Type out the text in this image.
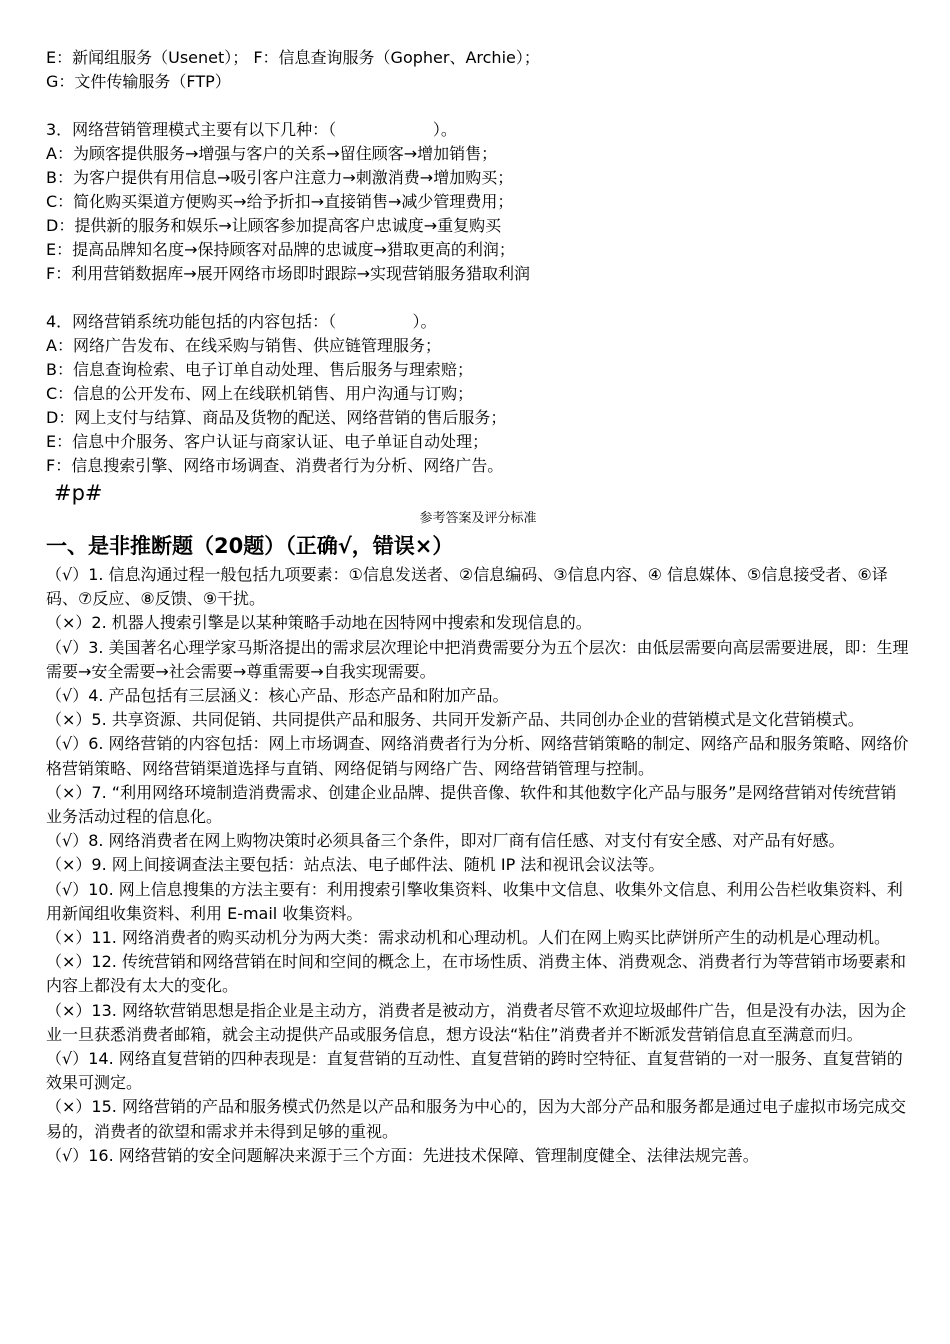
E：新闻组服务（Usenet）； F：信息查询服务（Gopher、Archie）；
G：文件传输服务（FTP）
3．网络营销管理模式主要有以下几种：（                   ）。
A：为顾客提供服务→增强与客户的关系→留住顾客→增加销售；
B：为客户提供有用信息→吸引客户注意力→刺激消费→增加购买；
C：简化购买渠道方便购买→给予折扣→直接销售→减少管理费用；
D：提供新的服务和娱乐→让顾客参加提高客户忠诚度→重复购买
E：提高品牌知名度→保持顾客对品牌的忠诚度→猎取更高的利润；
F：利用营销数据库→展开网络市场即时跟踪→实现营销服务猎取利润
4．网络营销系统功能包括的内容包括：（               ）。
A：网络广告发布、在线采购与销售、供应链管理服务；
B：信息查询检索、电子订单自动处理、售后服务与理索赔；
C：信息的公开发布、网上在线联机销售、用户沟通与订购；
D：网上支付与结算、商品及货物的配送、网络营销的售后服务；
E：信息中介服务、客户认证与商家认证、电子单证自动处理；
F：信息搜索引擎、网络市场调查、消费者行为分析、网络广告。
#p#
参考答案及评分标准
一、是非推断题（20题）（正确√，错误×）

（√）1. 信息沟通过程一般包括九项要素：①信息发送者、②信息编码、③信息内容、④ 信息媒体、⑤信息接受者、⑥译码、⑦反应、⑧反馈、⑨干扰。

（×）2. 机器人搜索引擎是以某种策略手动地在因特网中搜索和发现信息的。

（√）3. 美国著名心理学家马斯洛提出的需求层次理论中把消费需要分为五个层次：由低层需要向高层需要进展，即：生理需要→安全需要→社会需要→尊重需要→自我实现需要。

（√）4. 产品包括有三层涵义：核心产品、形态产品和附加产品。

（×）5. 共享资源、共同促销、共同提供产品和服务、共同开发新产品、共同创办企业的营销模式是文化营销模式。

（√）6. 网络营销的内容包括：网上市场调查、网络消费者行为分析、网络营销策略的制定、网络产品和服务策略、网络价格营销策略、网络营销渠道选择与直销、网络促销与网络广告、网络营销管理与控制。

（×）7. “利用网络环境制造消费需求、创建企业品牌、提供音像、软件和其他数字化产品与服务”是网络营销对传统营销业务活动过程的信息化。

（√）8. 网络消费者在网上购物决策时必须具备三个条件，即对厂商有信任感、对支付有安全感、对产品有好感。

（×）9. 网上间接调查法主要包括：站点法、电子邮件法、随机 IP 法和视讯会议法等。

（√）10. 网上信息搜集的方法主要有：利用搜索引擎收集资料、收集中文信息、收集外文信息、利用公告栏收集资料、利用新闻组收集资料、利用 E-mail 收集资料。

（×）11. 网络消费者的购买动机分为两大类：需求动机和心理动机。人们在网上购买比萨饼所产生的动机是心理动机。

（×）12. 传统营销和网络营销在时间和空间的概念上，在市场性质、消费主体、消费观念、消费者行为等营销市场要素和内容上都没有太大的变化。

（×）13. 网络软营销思想是指企业是主动方，消费者是被动方，消费者尽管不欢迎垃圾邮件广告，但是没有办法，因为企业一旦获悉消费者邮箱，就会主动提供产品或服务信息，想方设法“粘住”消费者并不断派发营销信息直至满意而归。

（√）14. 网络直复营销的四种表现是：直复营销的互动性、直复营销的跨时空特征、直复营销的一对一服务、直复营销的效果可测定。

（×）15. 网络营销的产品和服务模式仍然是以产品和服务为中心的，因为大部分产品和服务都是通过电子虚拟市场完成交易的，消费者的欲望和需求并未得到足够的重视。

（√）16. 网络营销的安全问题解决来源于三个方面：先进技术保障、管理制度健全、法律法规完善。
